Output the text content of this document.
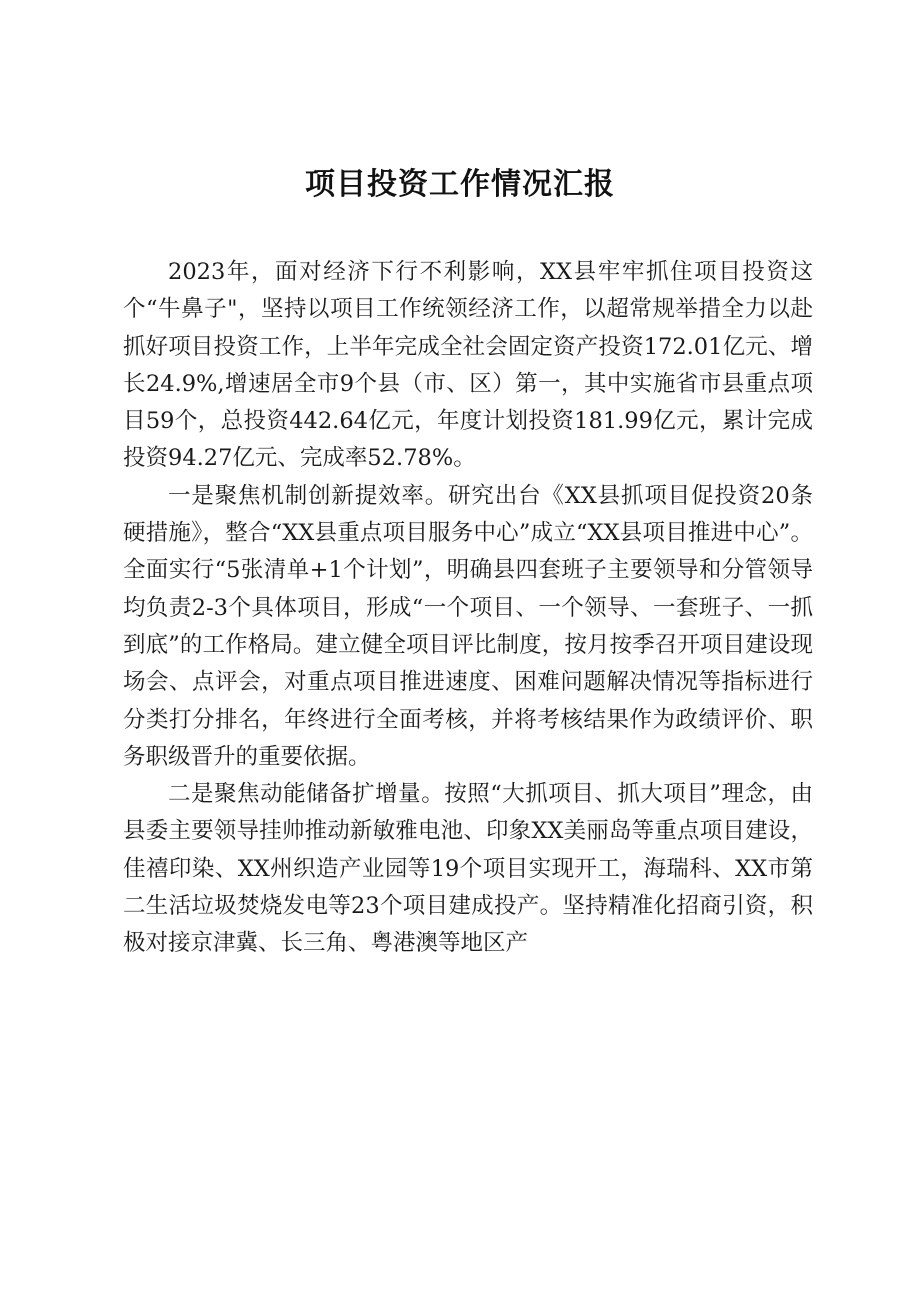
项目投资工作情况汇报

2023年，面对经济下行不利影响，XX县牢牢抓住项目投资这个“牛鼻子"，坚持以项目工作统领经济工作，以超常规举措全力以赴抓好项目投资工作，上半年完成全社会固定资产投资172.01亿元、增长24.9%,增速居全市9个县（市、区）第一，其中实施省市县重点项目59个，总投资442.64亿元，年度计划投资181.99亿元，累计完成投资94.27亿元、完成率52.78%。

一是聚焦机制创新提效率。研究出台《XX县抓项目促投资20条硬措施》，整合“XX县重点项目服务中心”成立“XX县项目推进中心”。全面实行“5张清单+1个计划”，明确县四套班子主要领导和分管领导均负责2-3个具体项目，形成“一个项目、一个领导、一套班子、一抓到底”的工作格局。建立健全项目评比制度，按月按季召开项目建设现场会、点评会，对重点项目推进速度、困难问题解决情况等指标进行分类打分排名，年终进行全面考核，并将考核结果作为政绩评价、职务职级晋升的重要依据。

二是聚焦动能储备扩增量。按照“大抓项目、抓大项目”理念，由县委主要领导挂帅推动新敏雅电池、印象XX美丽岛等重点项目建设，佳禧印染、XX州织造产业园等19个项目实现开工，海瑞科、XX市第二生活垃圾焚烧发电等23个项目建成投产。坚持精准化招商引资，积极对接京津冀、长三角、粤港澳等地区产
